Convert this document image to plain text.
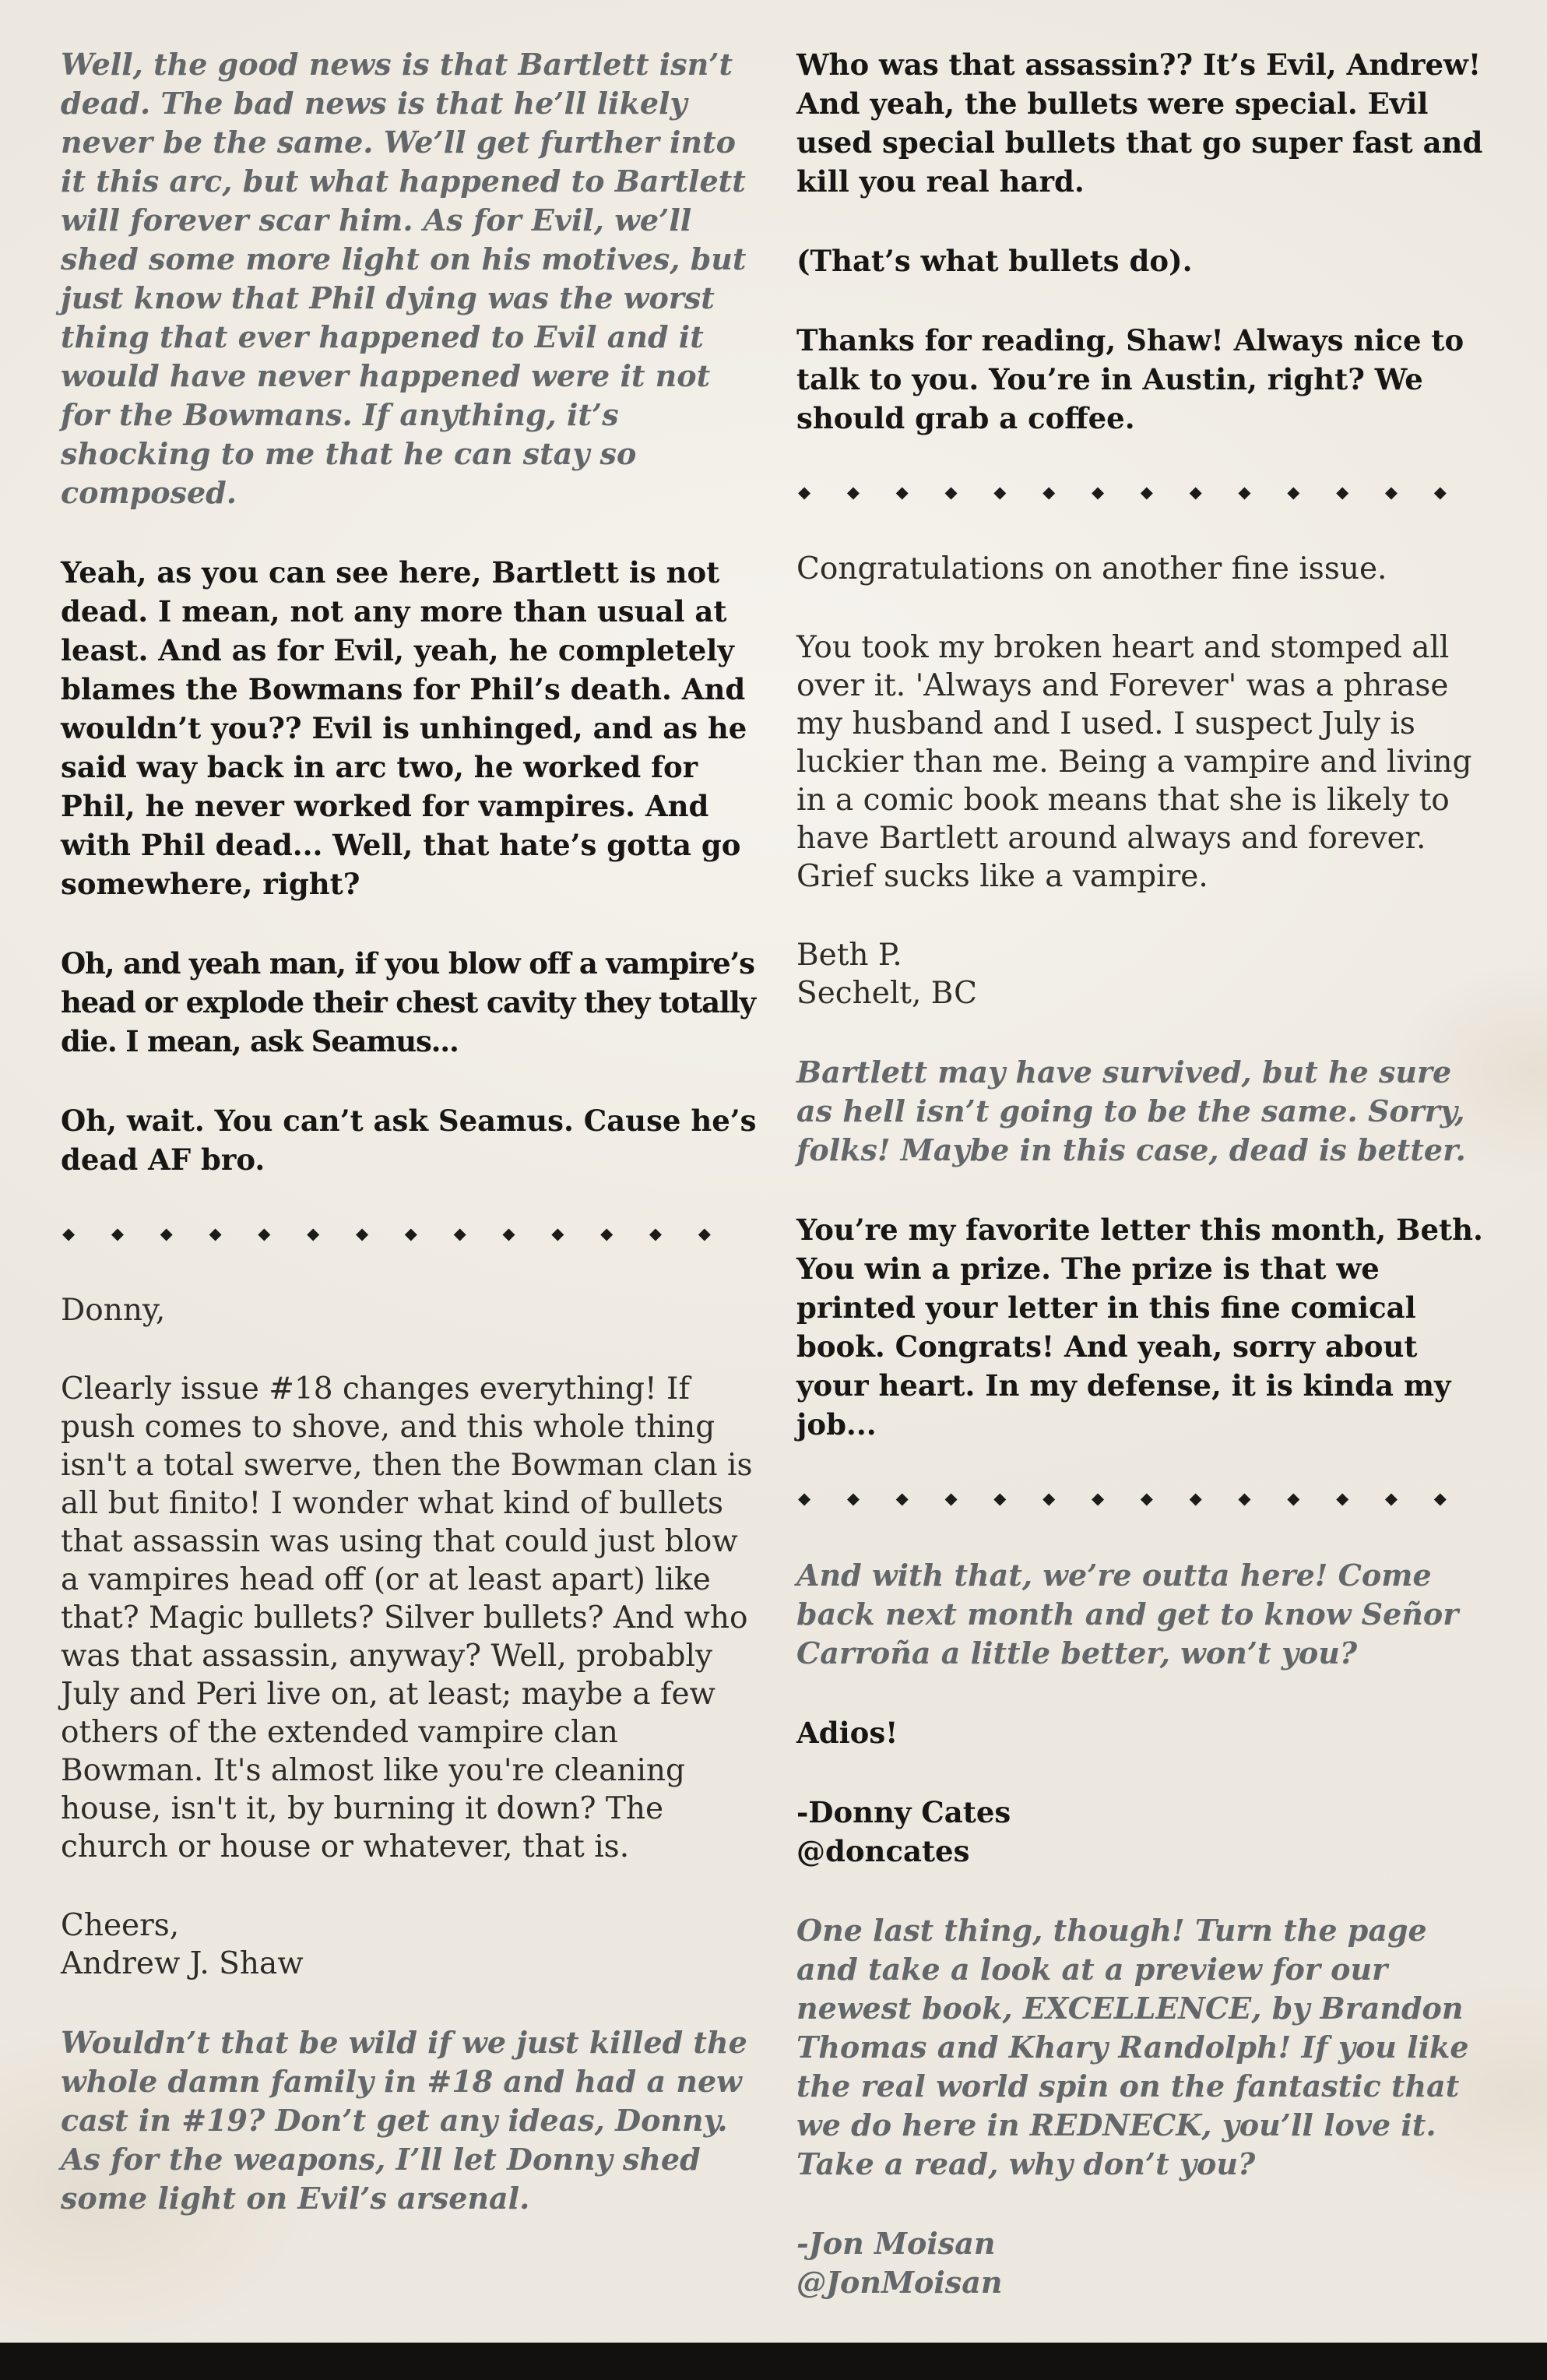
Well, the good news is that Bartlett isn’t dead. The bad news is that he’ll likely never be the same. We’ll get further into it this arc, but what happened to Bartlett will forever scar him. As for Evil, we’ll shed some more light on his motives, but just know that Phil dying was the worst thing that ever happened to Evil and it would have never happened were it not for the Bowmans. If anything, it’s shocking to me that he can stay so composed.

Yeah, as you can see here, Bartlett is not dead. I mean, not any more than usual at least. And as for Evil, yeah, he completely blames the Bowmans for Phil’s death. And wouldn’t you?? Evil is unhinged, and as he said way back in arc two, he worked for Phil, he never worked for vampires. And with Phil dead... Well, that hate’s gotta go somewhere, right?

Oh, and yeah man, if you blow off a vampire’s head or explode their chest cavity they totally die. I mean, ask Seamus...

Oh, wait. You can’t ask Seamus. Cause he’s dead AF bro.

◆ ◆ ◆ ◆ ◆ ◆ ◆ ◆ ◆ ◆ ◆ ◆ ◆ ◆

Donny,

Clearly issue #18 changes everything! If push comes to shove, and this whole thing isn't a total swerve, then the Bowman clan is all but finito! I wonder what kind of bullets that assassin was using that could just blow a vampires head off (or at least apart) like that? Magic bullets? Silver bullets? And who was that assassin, anyway? Well, probably July and Peri live on, at least; maybe a few others of the extended vampire clan Bowman. It's almost like you're cleaning house, isn't it, by burning it down? The church or house or whatever, that is.

Cheers,

Andrew J. Shaw

Wouldn’t that be wild if we just killed the whole damn family in #18 and had a new cast in #19? Don’t get any ideas, Donny. As for the weapons, I’ll let Donny shed some light on Evil’s arsenal.

Who was that assassin?? It’s Evil, Andrew! And yeah, the bullets were special. Evil used special bullets that go super fast and kill you real hard.

(That’s what bullets do).

Thanks for reading, Shaw! Always nice to talk to you. You’re in Austin, right? We should grab a coffee.

◆ ◆ ◆ ◆ ◆ ◆ ◆ ◆ ◆ ◆ ◆ ◆ ◆ ◆

Congratulations on another fine issue.

You took my broken heart and stomped all over it. 'Always and Forever' was a phrase my husband and I used. I suspect July is luckier than me. Being a vampire and living in a comic book means that she is likely to have Bartlett around always and forever. Grief sucks like a vampire.

Beth P.

Sechelt, BC

Bartlett may have survived, but he sure as hell isn’t going to be the same. Sorry, folks! Maybe in this case, dead is better.

You’re my favorite letter this month, Beth. You win a prize. The prize is that we printed your letter in this fine comical book. Congrats! And yeah, sorry about your heart. In my defense, it is kinda my job...

◆ ◆ ◆ ◆ ◆ ◆ ◆ ◆ ◆ ◆ ◆ ◆ ◆ ◆

And with that, we’re outta here! Come back next month and get to know Señor Carroña a little better, won’t you?

Adios!

-Donny Cates

@doncates

One last thing, though! Turn the page and take a look at a preview for our newest book, EXCELLENCE, by Brandon Thomas and Khary Randolph! If you like the real world spin on the fantastic that we do here in REDNECK, you’ll love it. Take a read, why don’t you?

-Jon Moisan

@JonMoisan
